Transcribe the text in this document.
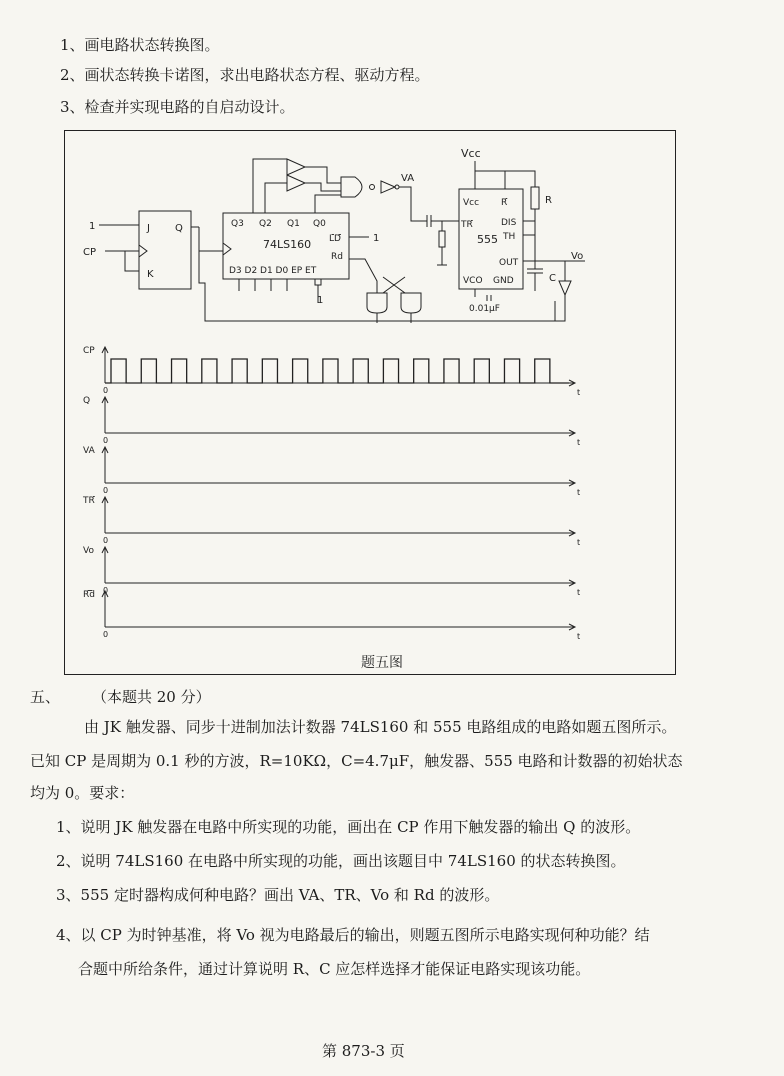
1、画电路状态转换图。
2、画状态转换卡诺图，求出电路状态方程、驱动方程。
3、检查并实现电路的自启动设计。
J
K
Q
1
CP
Q3 Q2 Q1 Q0
74LS160 LD
Rd
D3 D2 D1 D0 EP ET
1
1
VA
Vcc
Vcc R
TR	DIS
555 TH
OUT
VCO GND
R
C
Vo
0.01μF
CP
t
0
Q
t
0
VA
t
0
TR
t
0
Vo
t
0
Rd
t
0
题五图
五、 （本题共 20 分）
由 JK 触发器、同步十进制加法计数器 74LS160 和 555 电路组成的电路如题五图所示。
已知 CP 是周期为 0.1 秒的方波，R=10KΩ，C=4.7μF，触发器、555 电路和计数器的初始状态
均为 0。要求：
1、说明 JK 触发器在电路中所实现的功能，画出在 CP 作用下触发器的输出 Q 的波形。
2、说明 74LS160 在电路中所实现的功能，画出该题目中 74LS160 的状态转换图。
3、555 定时器构成何种电路？画出 VA、TR、Vo 和 Rd 的波形。
4、以 CP 为时钟基准，将 Vo 视为电路最后的输出，则题五图所示电路实现何种功能？结
合题中所给条件，通过计算说明 R、C 应怎样选择才能保证电路实现该功能。
第 873-3 页
